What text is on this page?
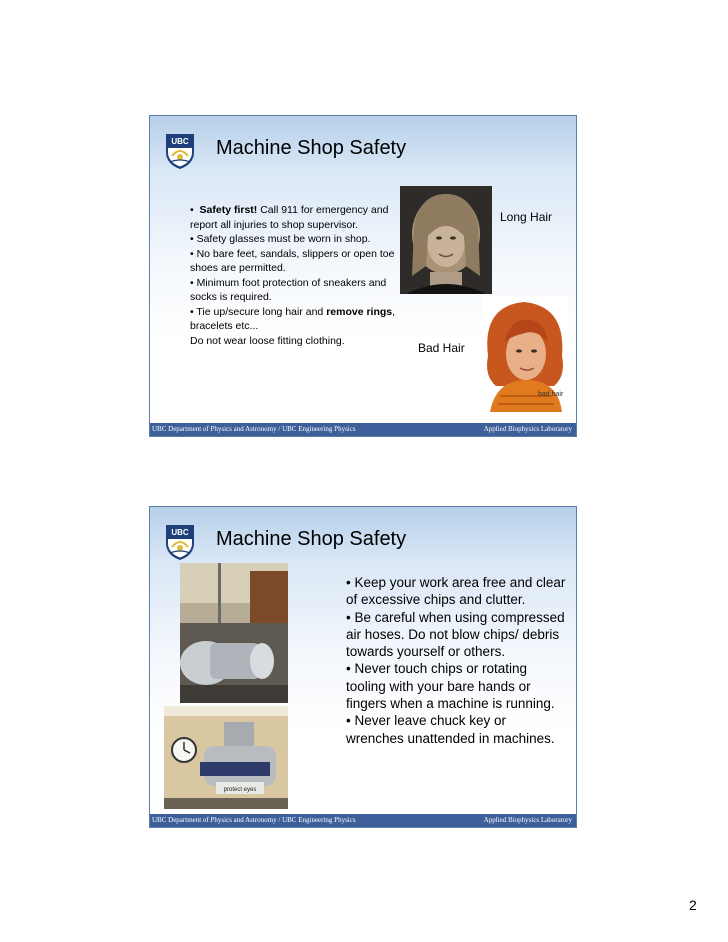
UBC Machine Shop Safety

•  Safety first! Call 911 for emergency and report all injuries to shop supervisor.

• Safety glasses must be worn in shop.

• No bare feet, sandals, slippers or open toe shoes are permitted.

• Minimum foot protection of sneakers and socks is required.

• Tie up/secure long hair and remove rings, bracelets etc...

Do not wear loose fitting clothing.

Long Hair
bad hair
Bad Hair
UBC Department of Physics and Astronomy / UBC Engineering Physics	Applied Biophysics Laboratory
UBC Machine Shop Safety
protect eyes

• Keep your work area free and clear of excessive chips and clutter.

• Be careful when using compressed air hoses. Do not blow chips/ debris towards yourself or others.

• Never touch chips or rotating tooling with your bare hands or fingers when a machine is running.

• Never leave chuck key or wrenches unattended in machines.

UBC Department of Physics and Astronomy / UBC Engineering Physics	Applied Biophysics Laboratory
2
